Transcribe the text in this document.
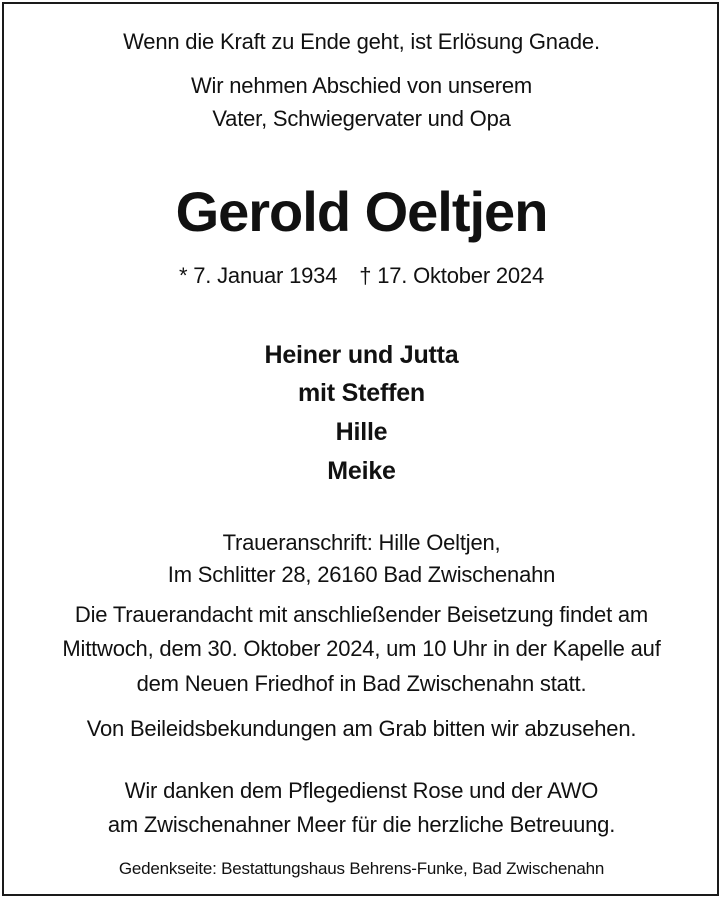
Wenn die Kraft zu Ende geht, ist Erlösung Gnade.
Wir nehmen Abschied von unserem
Vater, Schwiegervater und Opa
Gerold Oeltjen
* 7. Januar 1934 † 17. Oktober 2024
Heiner und Jutta
mit Steffen
Hille
Meike
Traueranschrift: Hille Oeltjen,
Im Schlitter 28, 26160 Bad Zwischenahn
Die Trauerandacht mit anschließender Beisetzung findet am
Mittwoch, dem 30. Oktober 2024, um 10 Uhr in der Kapelle auf
dem Neuen Friedhof in Bad Zwischenahn statt.
Von Beileidsbekundungen am Grab bitten wir abzusehen.
Wir danken dem Pflegedienst Rose und der AWO
am Zwischenahner Meer für die herzliche Betreuung.
Gedenkseite: Bestattungshaus Behrens-Funke, Bad Zwischenahn
